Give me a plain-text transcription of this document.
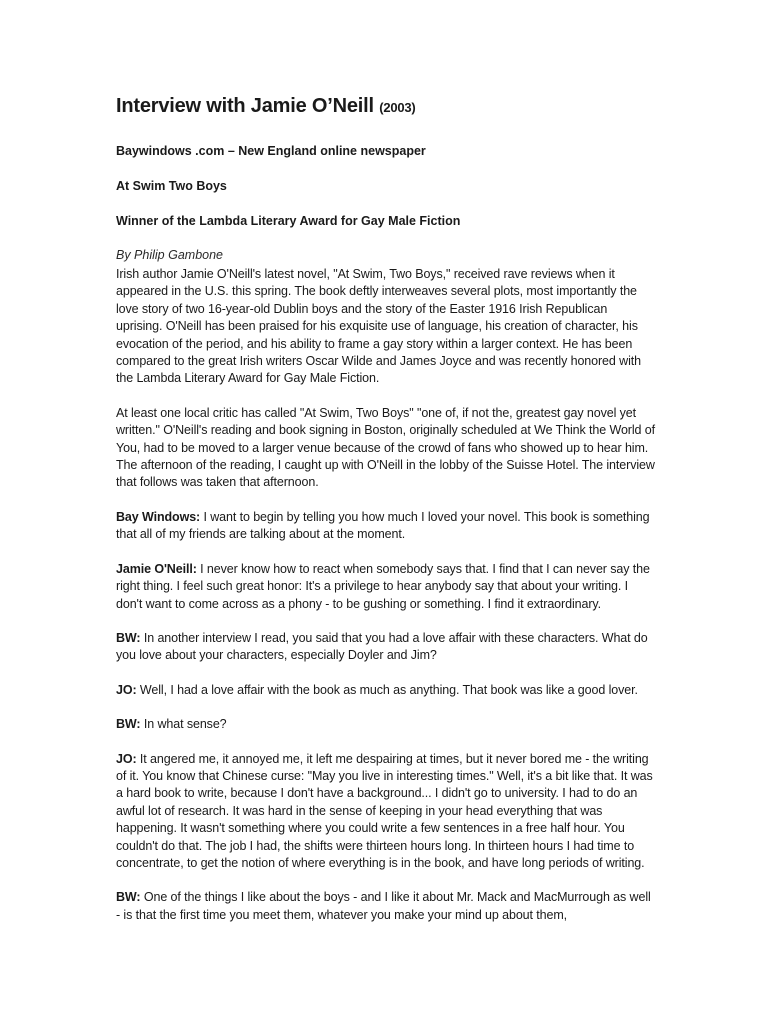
Interview with Jamie O’Neill (2003)

Baywindows .com – New England online newspaper

At Swim Two Boys

Winner of the Lambda Literary Award for Gay Male Fiction

By Philip Gambone

Irish author Jamie O'Neill's latest novel, "At Swim, Two Boys," received rave reviews when it appeared in the U.S. this spring. The book deftly interweaves several plots, most importantly the love story of two 16-year-old Dublin boys and the story of the Easter 1916 Irish Republican uprising. O'Neill has been praised for his exquisite use of language, his creation of character, his evocation of the period, and his ability to frame a gay story within a larger context. He has been compared to the great Irish writers Oscar Wilde and James Joyce and was recently honored with the Lambda Literary Award for Gay Male Fiction.

At least one local critic has called "At Swim, Two Boys" "one of, if not the, greatest gay novel yet written." O'Neill's reading and book signing in Boston, originally scheduled at We Think the World of You, had to be moved to a larger venue because of the crowd of fans who showed up to hear him. The afternoon of the reading, I caught up with O'Neill in the lobby of the Suisse Hotel. The interview that follows was taken that afternoon.

Bay Windows: I want to begin by telling you how much I loved your novel. This book is something that all of my friends are talking about at the moment.

Jamie O'Neill: I never know how to react when somebody says that. I find that I can never say the right thing. I feel such great honor: It's a privilege to hear anybody say that about your writing. I don't want to come across as a phony - to be gushing or something. I find it extraordinary.

BW: In another interview I read, you said that you had a love affair with these characters. What do you love about your characters, especially Doyler and Jim?

JO: Well, I had a love affair with the book as much as anything. That book was like a good lover.

BW: In what sense?

JO: It angered me, it annoyed me, it left me despairing at times, but it never bored me - the writing of it. You know that Chinese curse: "May you live in interesting times." Well, it's a bit like that. It was a hard book to write, because I don't have a background... I didn't go to university. I had to do an awful lot of research. It was hard in the sense of keeping in your head everything that was happening. It wasn't something where you could write a few sentences in a free half hour. You couldn't do that. The job I had, the shifts were thirteen hours long. In thirteen hours I had time to concentrate, to get the notion of where everything is in the book, and have long periods of writing.

BW: One of the things I like about the boys - and I like it about Mr. Mack and MacMurrough as well - is that the first time you meet them, whatever you make your mind up about them,
